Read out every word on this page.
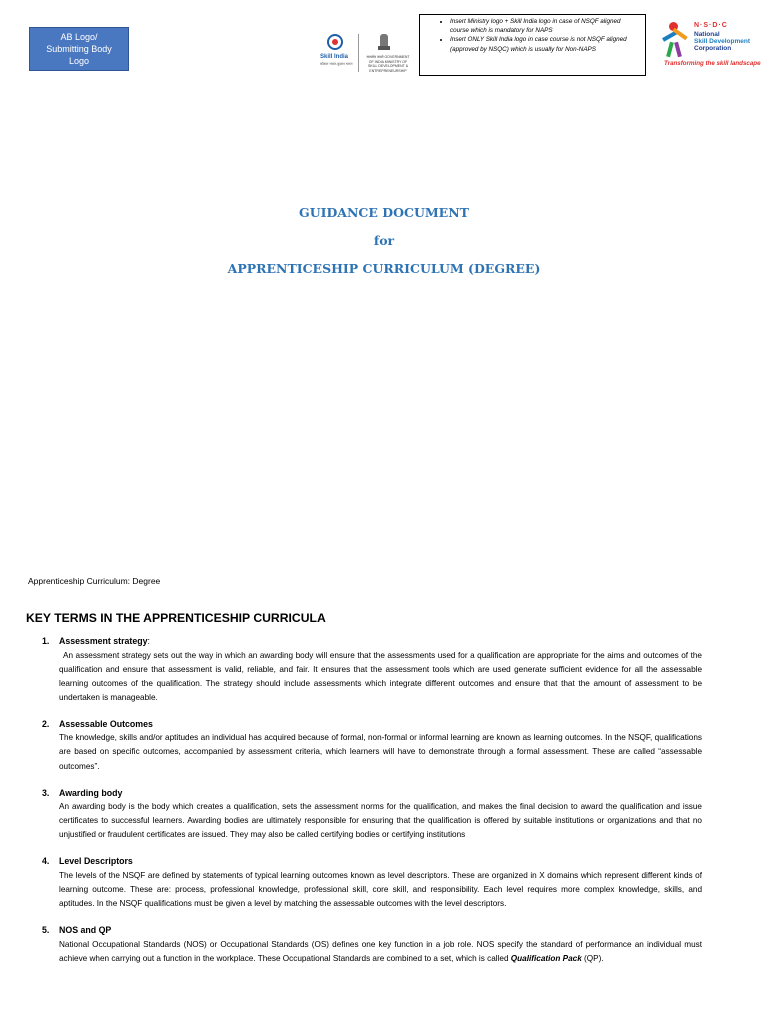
AB Logo/ Submitting Body Logo	Skill India
कौशल भारत-कुशल भारत
सत्यमेव जयते GOVERNMENT OF INDIA MINISTRY OF SKILL DEVELOPMENT & ENTREPRENEURSHIP
• Insert Ministry logo + Skill India logo in case of NSQF aligned course which is mandatory for NAPS
• Insert ONLY Skill India logo in case course is not NSQF aligned (approved by NSQC) which is usually for Non-NAPS
N·S·D·C
National
Skill Development
Corporation
Transforming the skill landscape
GUIDANCE DOCUMENT
for
APPRENTICESHIP CURRICULUM (DEGREE)
Apprenticeship Curriculum: Degree
KEY TERMS IN THE APPRENTICESHIP CURRICULA
1. Assessment strategy:
An assessment strategy sets out the way in which an awarding body will ensure that the assessments used for a qualification are appropriate for the aims and outcomes of the qualification and ensure that assessment is valid, reliable, and fair. It ensures that the assessment tools which are used generate sufficient evidence for all the assessable learning outcomes of the qualification. The strategy should include assessments which integrate different outcomes and ensure that that the amount of assessment to be undertaken is manageable.
2. Assessable Outcomes
The knowledge, skills and/or aptitudes an individual has acquired because of formal, non-formal or informal learning are known as learning outcomes. In the NSQF, qualifications are based on specific outcomes, accompanied by assessment criteria, which learners will have to demonstrate through a formal assessment. These are called “assessable outcomes”.
3. Awarding body
An awarding body is the body which creates a qualification, sets the assessment norms for the qualification, and makes the final decision to award the qualification and issue certificates to successful learners. Awarding bodies are ultimately responsible for ensuring that the qualification is offered by suitable institutions or organizations and that no unjustified or fraudulent certificates are issued. They may also be called certifying bodies or certifying institutions
4. Level Descriptors
The levels of the NSQF are defined by statements of typical learning outcomes known as level descriptors. These are organized in X domains which represent different kinds of learning outcome. These are: process, professional knowledge, professional skill, core skill, and responsibility. Each level requires more complex knowledge, skills, and aptitudes. In the NSQF qualifications must be given a level by matching the assessable outcomes with the level descriptors.
5. NOS and QP
National Occupational Standards (NOS) or Occupational Standards (OS) defines one key function in a job role. NOS specify the standard of performance an individual must achieve when carrying out a function in the workplace. These Occupational Standards are combined to a set, which is called Qualification Pack (QP).
